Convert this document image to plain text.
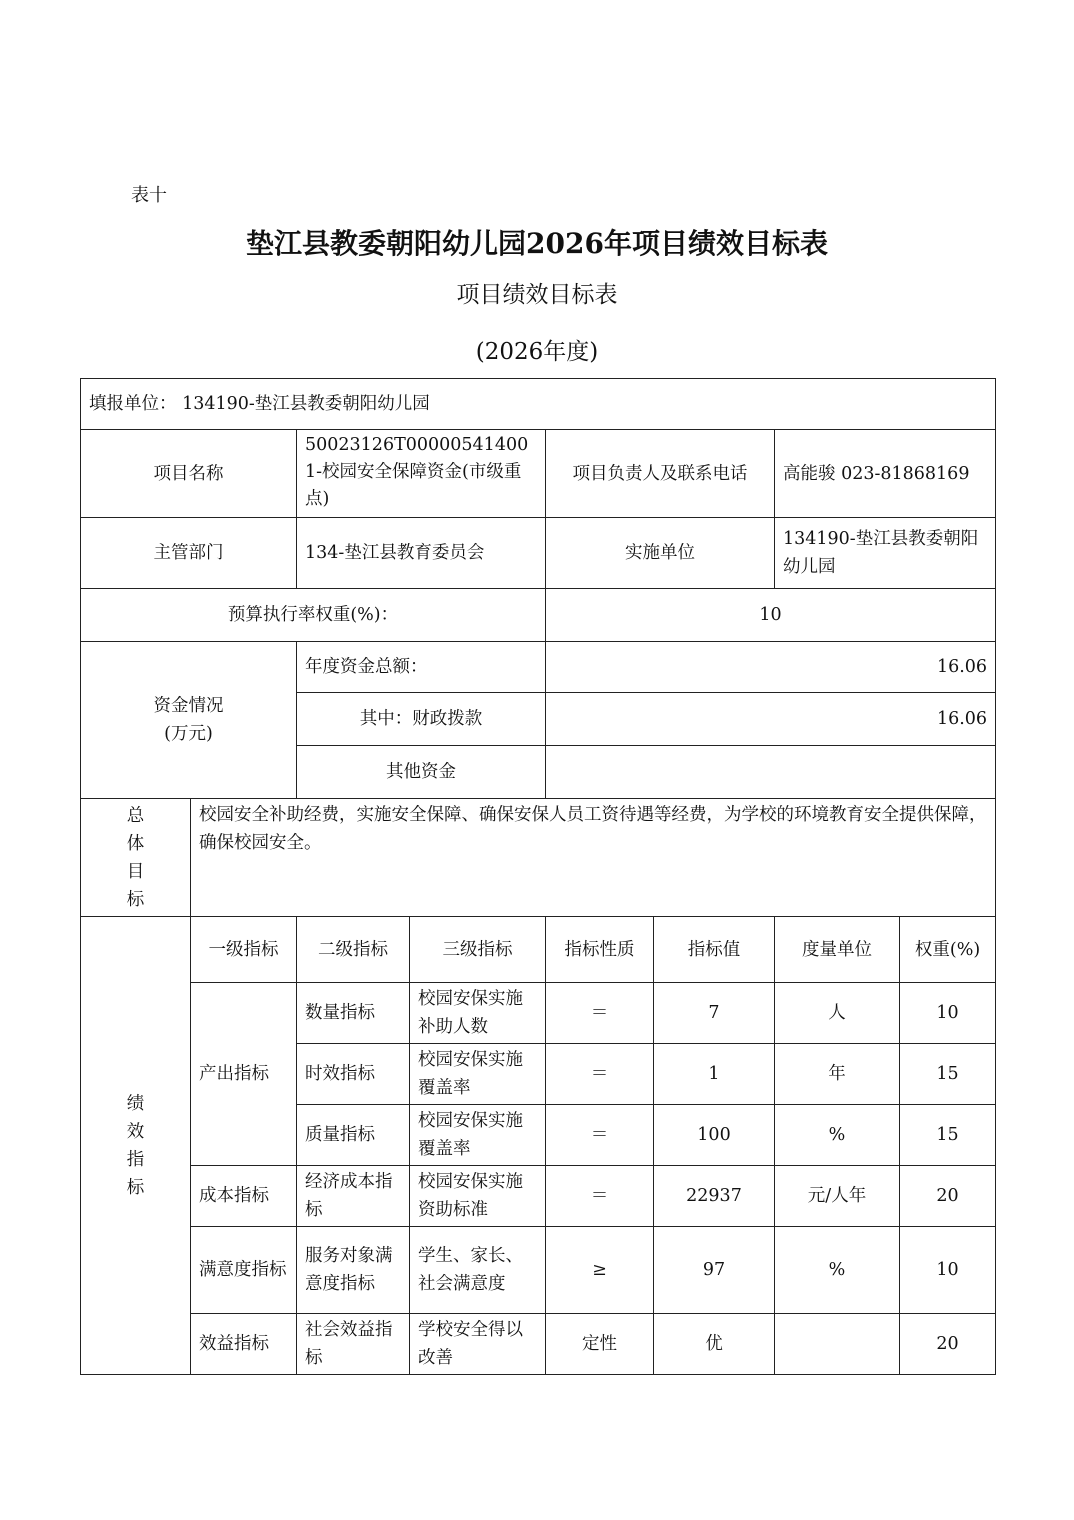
表十
垫江县教委朝阳幼儿园2026年项目绩效目标表
项目绩效目标表
(2026年度)
填报单位： 134190-垫江县教委朝阳幼儿园							
项目名称		50023126T000005414001-校园安全保障资金(市级重点)		项目负责人及联系电话		高能骏 023-81868169	
主管部门		134-垫江县教育委员会		实施单位		134190-垫江县教委朝阳幼儿园	
预算执行率权重(%)：				10			

资金情况
(万元)		年度资金总额：		16.06			
		其中：财政拨款		16.06			
		其他资金					

总
体
目
标	校园安全补助经费，实施安全保障、确保安保人员工资待遇等经费，为学校的环境教育安全提供保障，确保校园安全。						

绩
效
指
标	一级指标	二级指标	三级指标	指标性质	指标值	度量单位	权重(%)
	产出指标	数量指标	校园安保实施补助人数	＝	7	人	10
		时效指标	校园安保实施覆盖率	＝	1	年	15
		质量指标	校园安保实施覆盖率	＝	100	%	15
	成本指标	经济成本指标	校园安保实施资助标准	＝	22937	元/人年	20
	满意度指标	服务对象满意度指标	学生、家长、社会满意度	≥	97	%	10
	效益指标	社会效益指标	学校安全得以改善	定性	优		20
